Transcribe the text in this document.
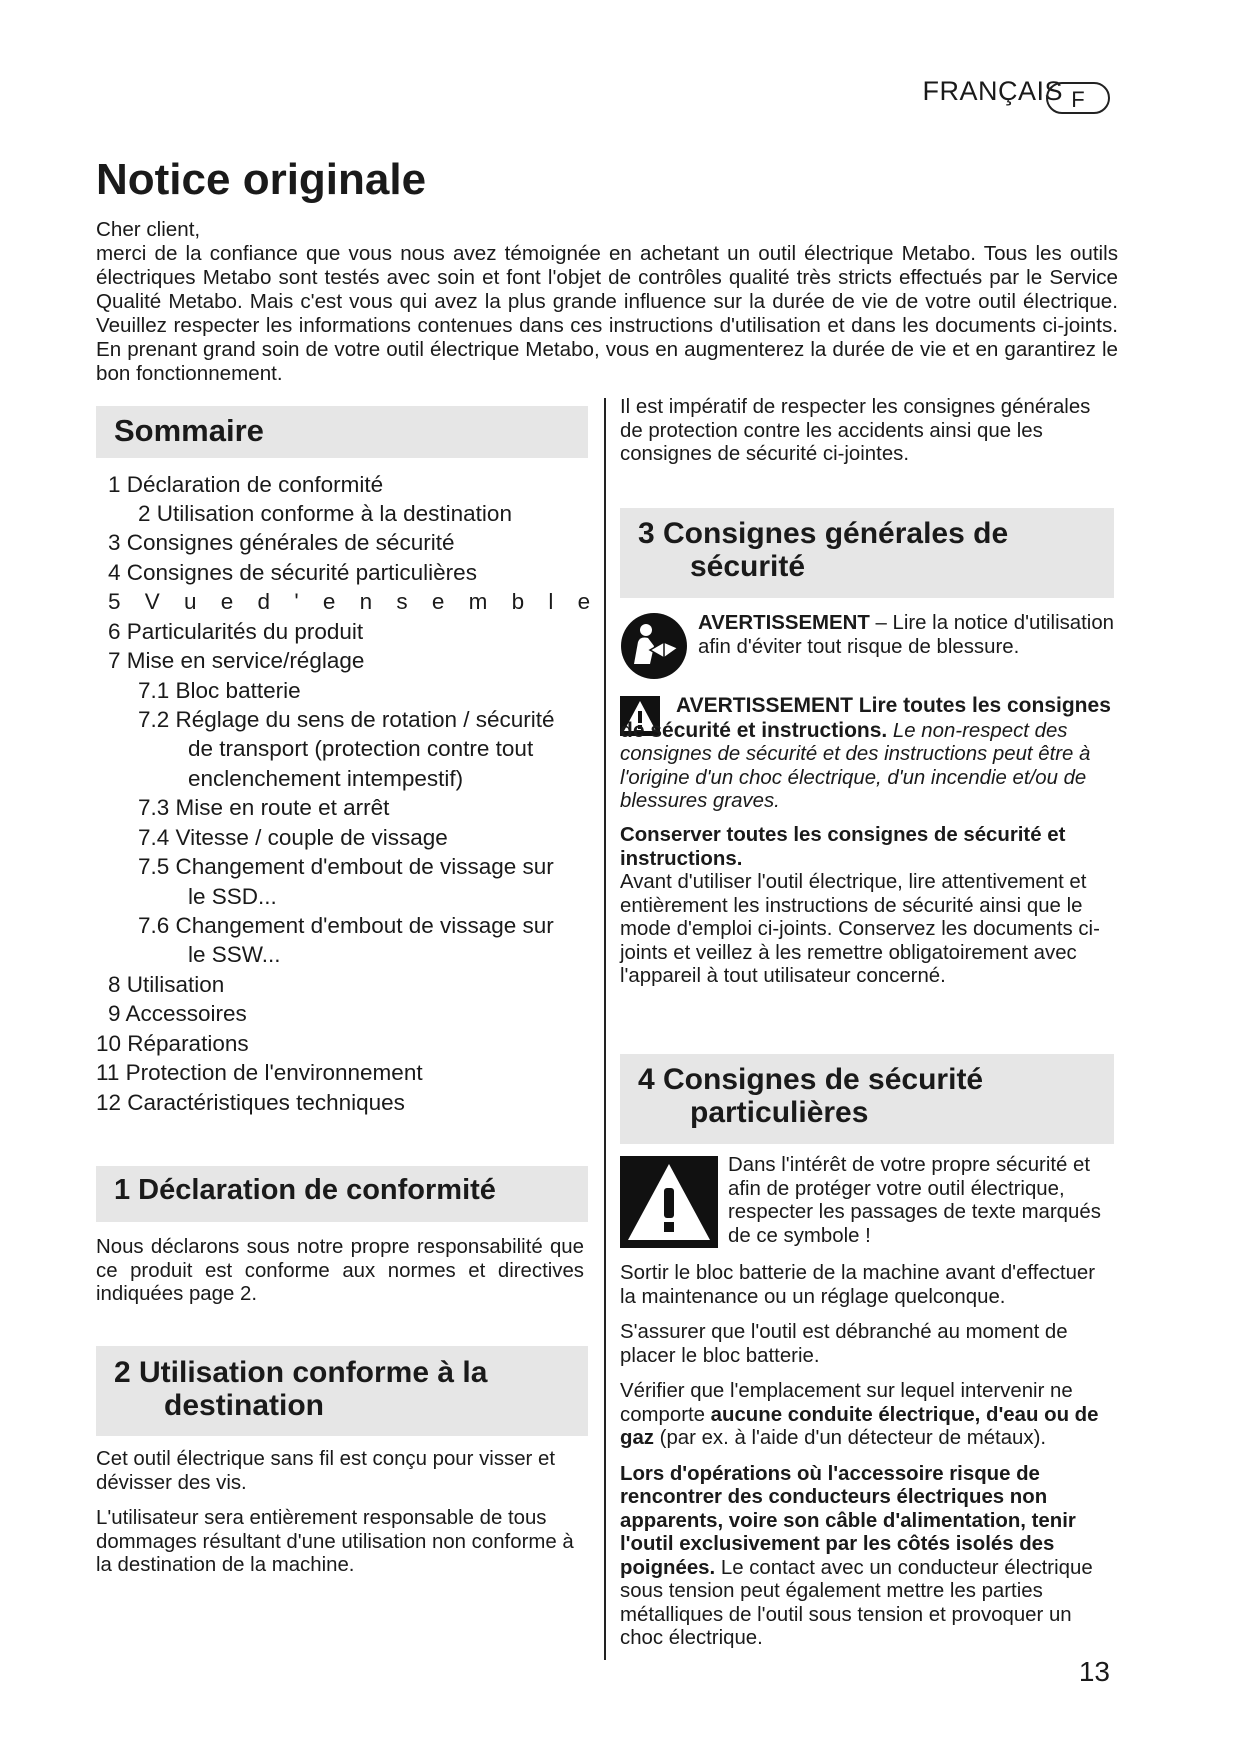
FRANÇAIS F
Notice originale

Cher client,

merci de la confiance que vous nous avez témoignée en achetant un outil électrique Metabo. Tous les outils électriques Metabo sont testés avec soin et font l'objet de contrôles qualité très stricts effectués par le Service Qualité Metabo. Mais c'est vous qui avez la plus grande influence sur la durée de vie de votre outil électrique. Veuillez respecter les informations contenues dans ces instructions d'utilisation et dans les documents ci-joints. En prenant grand soin de votre outil électrique Metabo, vous en augmenterez la durée de vie et en garantirez le bon fonctionnement.

Sommaire
1 Déclaration de conformité
2 Utilisation conforme à la destination
3 Consignes générales de sécurité
4 Consignes de sécurité particulières
5 V u e d ' e n s e m b l e
6 Particularités du produit
7 Mise en service/réglage
7.1 Bloc batterie
7.2 Réglage du sens de rotation / sécurité
de transport (protection contre tout
enclenchement intempestif)
7.3 Mise en route et arrêt
7.4 Vitesse / couple de vissage
7.5 Changement d'embout de vissage sur
le SSD...
7.6 Changement d'embout de vissage sur
le SSW...
8 Utilisation
9 Accessoires
10 Réparations
11 Protection de l'environnement
12 Caractéristiques techniques
1 Déclaration de conformité

Nous déclarons sous notre propre responsabilité que ce produit est conforme aux normes et directives indiquées page 2.

2 Utilisation conforme à la
destination

Cet outil électrique sans fil est conçu pour visser et dévisser des vis.

L'utilisateur sera entièrement responsable de tous dommages résultant d'une utilisation non conforme à la destination de la machine.

Il est impératif de respecter les consignes générales de protection contre les accidents ainsi que les consignes de sécurité ci-jointes.

3 Consignes générales de
sécurité

AVERTISSEMENT – Lire la notice d'utilisation afin d'éviter tout risque de blessure.

AVERTISSEMENT Lire toutes les consignes de sécurité et instructions. Le non-respect des consignes de sécurité et des instructions peut être à l'origine d'un choc électrique, d'un incendie et/ou de blessures graves.

Conserver toutes les consignes de sécurité et instructions.

Avant d'utiliser l'outil électrique, lire attentivement et entièrement les instructions de sécurité ainsi que le mode d'emploi ci-joints. Conservez les documents ci-joints et veillez à les remettre obligatoirement avec l'appareil à tout utilisateur concerné.

4 Consignes de sécurité
particulières

Dans l'intérêt de votre propre sécurité et afin de protéger votre outil électrique, respecter les passages de texte marqués de ce symbole !

Sortir le bloc batterie de la machine avant d'effectuer la maintenance ou un réglage quelconque.

S'assurer que l'outil est débranché au moment de placer le bloc batterie.

Vérifier que l'emplacement sur lequel intervenir ne comporte aucune conduite électrique, d'eau ou de gaz (par ex. à l'aide d'un détecteur de métaux).

Lors d'opérations où l'accessoire risque de rencontrer des conducteurs électriques non apparents, voire son câble d'alimentation, tenir l'outil exclusivement par les côtés isolés des poignées. Le contact avec un conducteur électrique sous tension peut également mettre les parties métalliques de l'outil sous tension et provoquer un choc électrique.

13
